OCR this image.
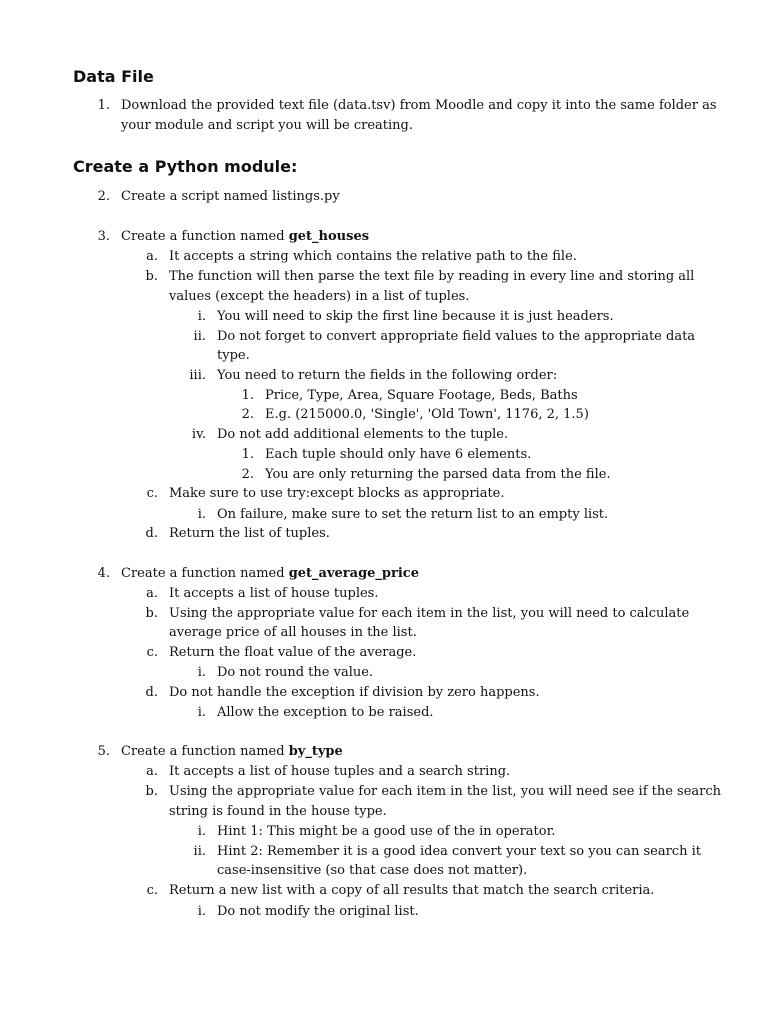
Data File
1. Download the provided text file (data.tsv) from Moodle and copy it into the same folder as
your module and script you will be creating.
Create a Python module:
2. Create a script named listings.py
3. Create a function named get_houses
a. It accepts a string which contains the relative path to the file.
b. The function will then parse the text file by reading in every line and storing all
values (except the headers) in a list of tuples.
i. You will need to skip the first line because it is just headers.
ii. Do not forget to convert appropriate field values to the appropriate data
type.
iii. You need to return the fields in the following order:
1. Price, Type, Area, Square Footage, Beds, Baths
2. E.g. (215000.0, 'Single', 'Old Town', 1176, 2, 1.5)
iv. Do not add additional elements to the tuple.
1. Each tuple should only have 6 elements.
2. You are only returning the parsed data from the file.
c. Make sure to use try:except blocks as appropriate.
i. On failure, make sure to set the return list to an empty list.
d. Return the list of tuples.
4. Create a function named get_average_price
a. It accepts a list of house tuples.
b. Using the appropriate value for each item in the list, you will need to calculate
average price of all houses in the list.
c. Return the float value of the average.
i. Do not round the value.
d. Do not handle the exception if division by zero happens.
i. Allow the exception to be raised.
5. Create a function named by_type
a. It accepts a list of house tuples and a search string.
b. Using the appropriate value for each item in the list, you will need see if the search
string is found in the house type.
i. Hint 1: This might be a good use of the in operator.
ii. Hint 2: Remember it is a good idea convert your text so you can search it
case-insensitive (so that case does not matter).
c. Return a new list with a copy of all results that match the search criteria.
i. Do not modify the original list.
